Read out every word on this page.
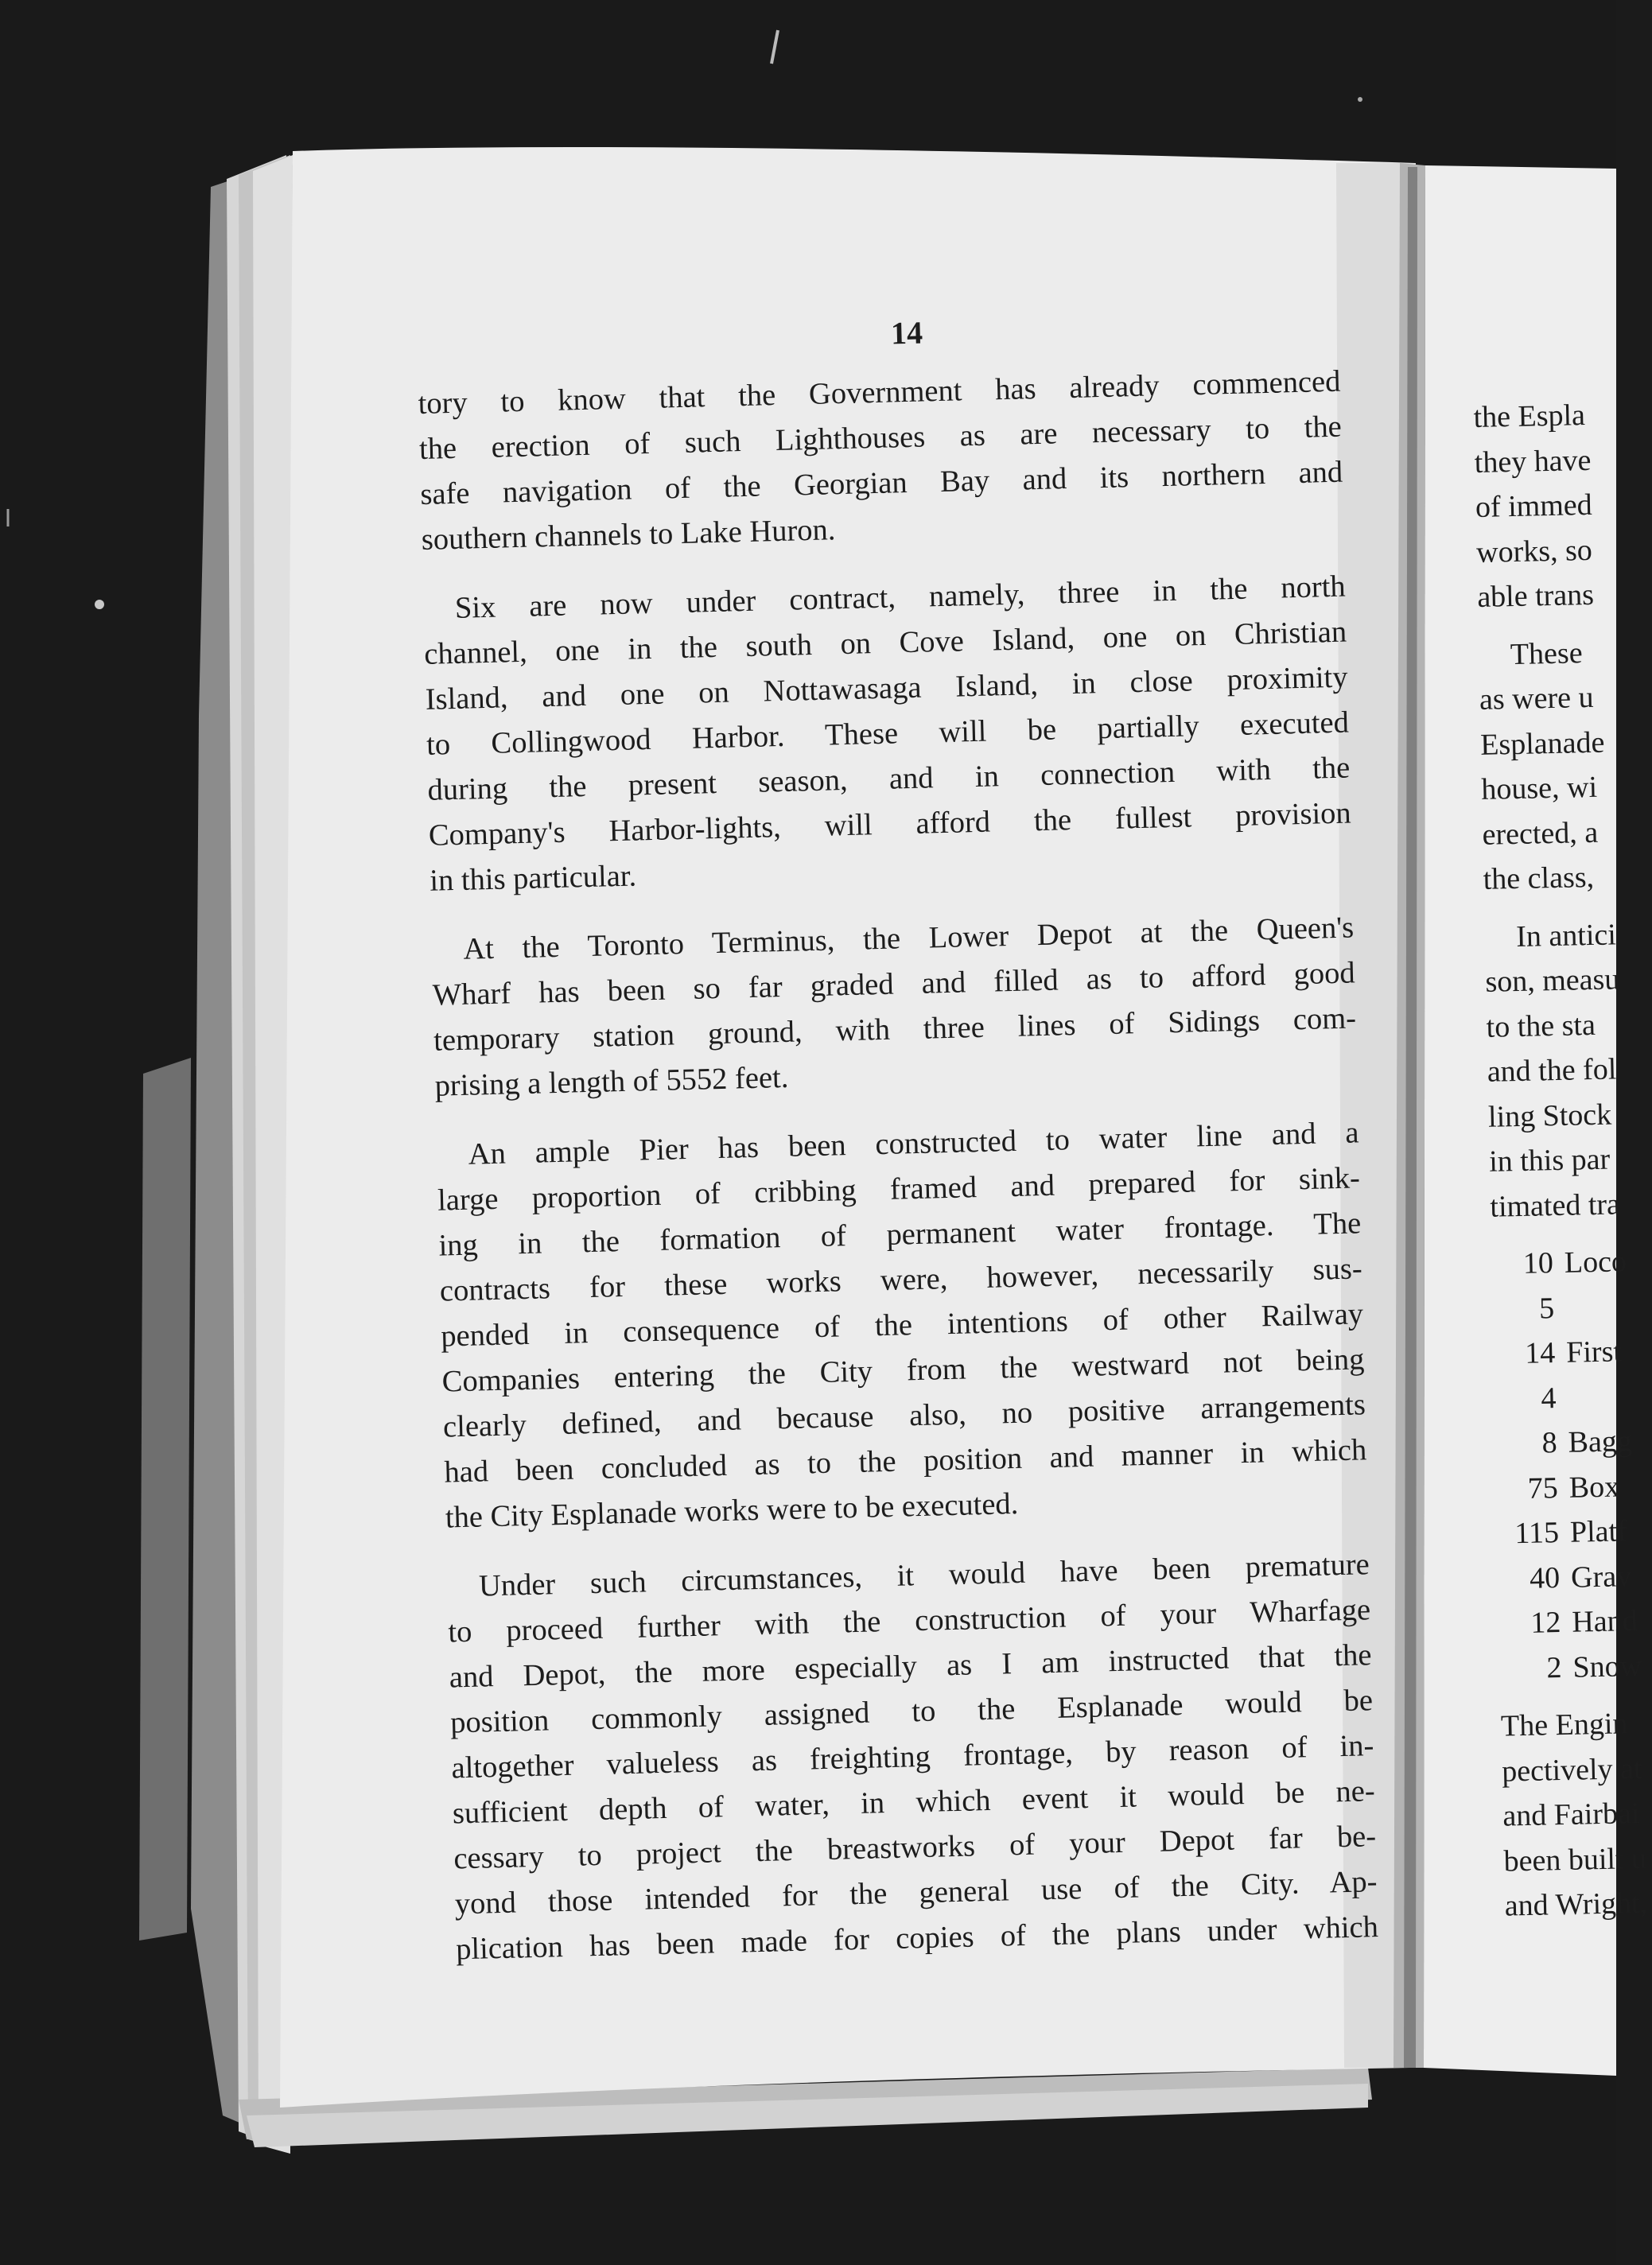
14

tory to know that the Government has already commenced
the erection of such Lighthouses as are necessary to the
safe navigation of the Georgian Bay and its northern and
southern channels to Lake Huron.

Six are now under contract, namely, three in the north
channel, one in the south on Cove Island, one on Christian
Island, and one on Nottawasaga Island, in close proximity
to Collingwood Harbor. These will be partially executed
during the present season, and in connection with the
Company's Harbor-lights, will afford the fullest provision
in this particular.

At the Toronto Terminus, the Lower Depot at the Queen's
Wharf has been so far graded and filled as to afford good
temporary station ground, with three lines of Sidings com-
prising a length of 5552 feet.

An ample Pier has been constructed to water line and a
large proportion of cribbing framed and prepared for sink-
ing in the formation of permanent water frontage. The
contracts for these works were, however, necessarily sus-
pended in consequence of the intentions of other Railway
Companies entering the City from the westward not being
clearly defined, and because also, no positive arrangements
had been concluded as to the position and manner in which
the City Esplanade works were to be executed.

Under such circumstances, it would have been premature
to proceed further with the construction of your Wharfage
and Depot, the more especially as I am instructed that the
position commonly assigned to the Esplanade would be
altogether valueless as freighting frontage, by reason of in-
sufficient depth of water, in which event it would be ne-
cessary to project the breastworks of your Depot far be-
yond those intended for the general use of the City. Ap-
plication has been made for copies of the plans under which

the Espla
they have
of immed
works, so
able trans
These
as were u
Esplanade
house, wi
erected, a
the class,
In antici
son, measu
to the sta
and the fol
ling Stock
in this par
timated tra
10 Loco
5
14 First
4
8 Bagg
75 Box
115 Platf
40 Grav
12 Hand
2 Snow
The Engin
pectively at
and Fairbai
been built u
and Wright,
